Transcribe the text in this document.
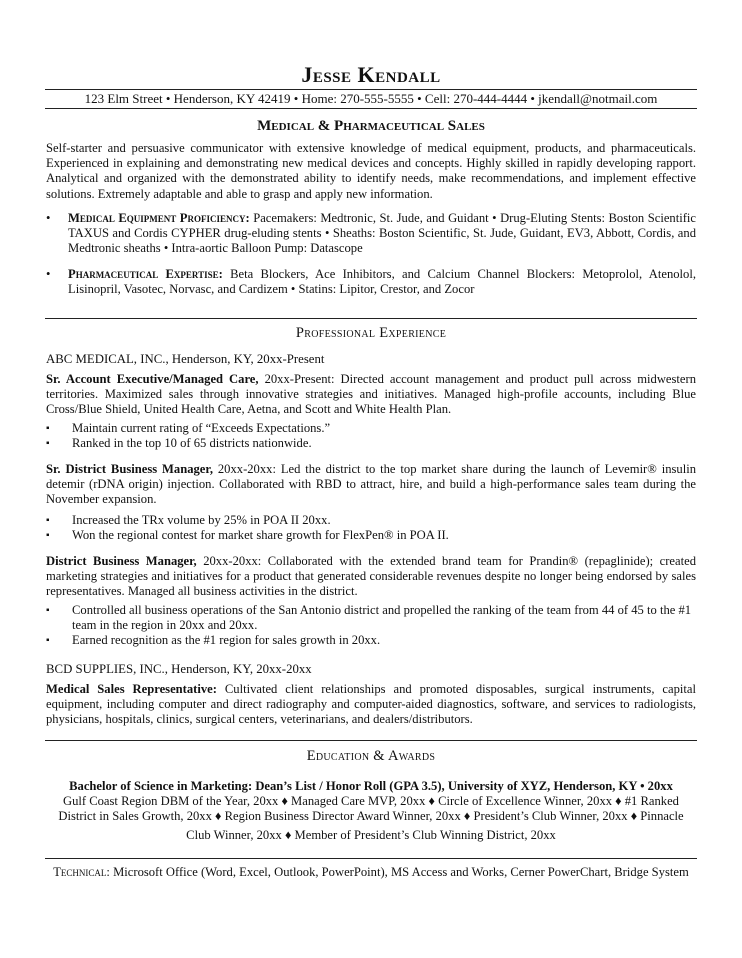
Jesse Kendall
123 Elm Street • Henderson, KY 42419 • Home: 270-555-5555 • Cell: 270-444-4444 • jkendall@notmail.com
Medical & Pharmaceutical Sales
Self-starter and persuasive communicator with extensive knowledge of medical equipment, products, and pharmaceuticals. Experienced in explaining and demonstrating new medical devices and concepts. Highly skilled in rapidly developing rapport. Analytical and organized with the demonstrated ability to identify needs, make recommendations, and implement effective solutions. Extremely adaptable and able to grasp and apply new information.
• Medical Equipment Proficiency: Pacemakers: Medtronic, St. Jude, and Guidant • Drug-Eluting Stents: Boston Scientific TAXUS and Cordis CYPHER drug-eluding stents • Sheaths: Boston Scientific, St. Jude, Guidant, EV3, Abbott, Cordis, and Medtronic sheaths • Intra-aortic Balloon Pump: Datascope
• Pharmaceutical Expertise: Beta Blockers, Ace Inhibitors, and Calcium Channel Blockers: Metoprolol, Atenolol, Lisinopril, Vasotec, Norvasc, and Cardizem • Statins: Lipitor, Crestor, and Zocor
Professional Experience
ABC MEDICAL, INC., Henderson, KY, 20xx-Present
Sr. Account Executive/Managed Care, 20xx-Present: Directed account management and product pull across midwestern territories. Maximized sales through innovative strategies and initiatives. Managed high-profile accounts, including Blue Cross/Blue Shield, United Health Care, Aetna, and Scott and White Health Plan.
▪ Maintain current rating of “Exceeds Expectations.”
▪ Ranked in the top 10 of 65 districts nationwide.
Sr. District Business Manager, 20xx-20xx: Led the district to the top market share during the launch of Levemir® insulin detemir (rDNA origin) injection. Collaborated with RBD to attract, hire, and build a high-performance sales team during the November expansion.
▪ Increased the TRx volume by 25% in POA II 20xx.
▪ Won the regional contest for market share growth for FlexPen® in POA II.
District Business Manager, 20xx-20xx: Collaborated with the extended brand team for Prandin® (repaglinide); created marketing strategies and initiatives for a product that generated considerable revenues despite no longer being endorsed by sales representatives. Managed all business activities in the district.
▪ Controlled all business operations of the San Antonio district and propelled the ranking of the team from 44 of 45 to the #1
team in the region in 20xx and 20xx.
▪ Earned recognition as the #1 region for sales growth in 20xx.
BCD SUPPLIES, INC., Henderson, KY, 20xx-20xx
Medical Sales Representative: Cultivated client relationships and promoted disposables, surgical instruments, capital equipment, including computer and direct radiography and computer-aided diagnostics, software, and services to radiologists, physicians, hospitals, clinics, surgical centers, veterinarians, and dealers/distributors.
Education & Awards
Bachelor of Science in Marketing: Dean’s List / Honor Roll (GPA 3.5), University of XYZ, Henderson, KY • 20xx
Gulf Coast Region DBM of the Year, 20xx ♦ Managed Care MVP, 20xx ♦ Circle of Excellence Winner, 20xx ♦ #1 Ranked
District in Sales Growth, 20xx ♦ Region Business Director Award Winner, 20xx ♦ President’s Club Winner, 20xx ♦ Pinnacle
Club Winner, 20xx ♦ Member of President’s Club Winning District, 20xx
Technical: Microsoft Office (Word, Excel, Outlook, PowerPoint), MS Access and Works, Cerner PowerChart, Bridge System
